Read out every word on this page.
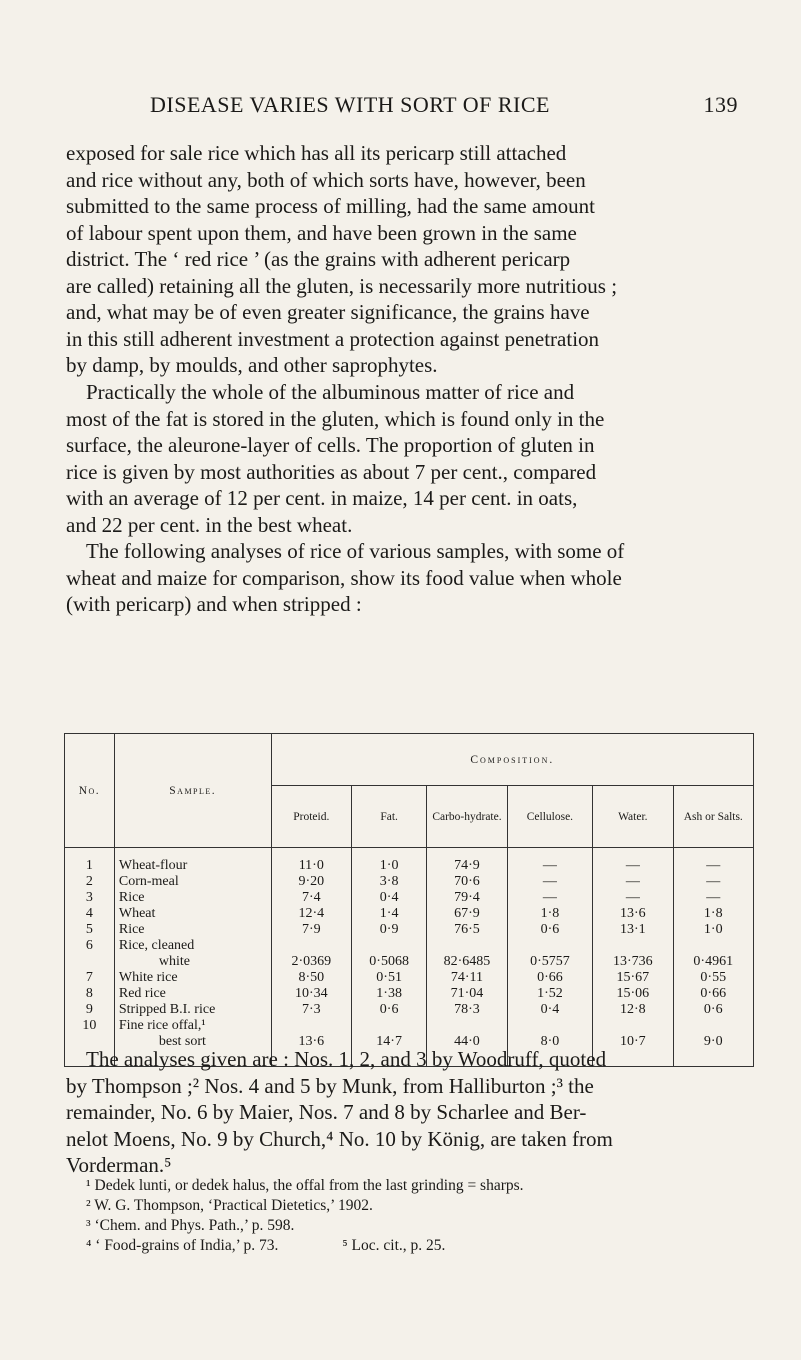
DISEASE VARIES WITH SORT OF RICE	139

exposed for sale rice which has all its pericarp still attached
and rice without any, both of which sorts have, however, been
submitted to the same process of milling, had the same amount
of labour spent upon them, and have been grown in the same
district. The ‘ red rice ’ (as the grains with adherent pericarp
are called) retaining all the gluten, is necessarily more nutritious ;
and, what may be of even greater significance, the grains have
in this still adherent investment a protection against penetration
by damp, by moulds, and other saprophytes.

Practically the whole of the albuminous matter of rice and
most of the fat is stored in the gluten, which is found only in the
surface, the aleurone-layer of cells. The proportion of gluten in
rice is given by most authorities as about 7 per cent., compared
with an average of 12 per cent. in maize, 14 per cent. in oats,
and 22 per cent. in the best wheat.

The following analyses of rice of various samples, with some of
wheat and maize for comparison, show its food value when whole
(with pericarp) and when stripped :

No.	Sample.	Composition.					
		Proteid.	Fat.	Carbo-hydrate.	Cellulose.	Water.	Ash or Salts.
1	Wheat-flour	11·0	1·0	74·9	—	—	—
2	Corn-meal	9·20	3·8	70·6	—	—	—
3	Rice	7·4	0·4	79·4	—	—	—
4	Wheat	12·4	1·4	67·9	1·8	13·6	1·8
5	Rice	7·9	0·9	76·5	0·6	13·1	1·0
6	Rice, cleaned
white	2·0369	0·5068	82·6485	0·5757	13·736	0·4961
7	White rice	8·50	0·51	74·11	0·66	15·67	0·55
8	Red rice	10·34	1·38	71·04	1·52	15·06	0·66
9	Stripped B.I. rice	7·3	0·6	78·3	0·4	12·8	0·6
10	Fine rice offal,¹
best sort	13·6	14·7	44·0	8·0	10·7	9·0

The analyses given are : Nos. 1, 2, and 3 by Woodruff, quoted
by Thompson ;² Nos. 4 and 5 by Munk, from Halliburton ;³ the
remainder, No. 6 by Maier, Nos. 7 and 8 by Scharlee and Ber-
nelot Moens, No. 9 by Church,⁴ No. 10 by König, are taken from
Vorderman.⁵

¹ Dedek lunti, or dedek halus, the offal from the last grinding = sharps.
² W. G. Thompson, ‘Practical Dietetics,’ 1902.
³ ‘Chem. and Phys. Path.,’ p. 598.
⁴ ‘ Food-grains of India,’ p. 73.	⁵ Loc. cit., p. 25.
